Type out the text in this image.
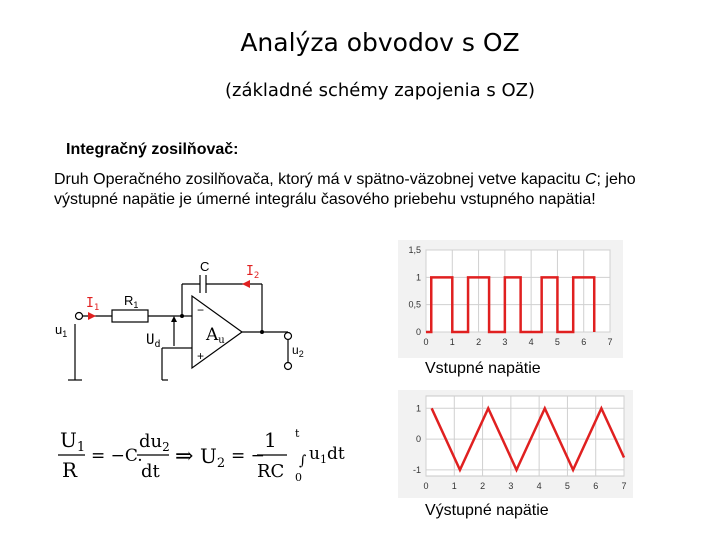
Analýza obvodov s OZ
(základné schémy zapojenia s OZ)
Integračný zosilňovač:
Druh Operačného zosilňovača, ktorý má v spätno-väzobnej vetve kapacitu C; jeho výstupné napätie je úmerné integrálu časového priebehu vstupného napätia!
C	$I_2$
$I_1$ $R_1$
$u_1$	$U_d$
−
+
Au
$u_2$
$U_1$
R
= −C.
$du_2$
dt
⇒ $U_2$ = −
1
RC
t
0
∫ $u_1dt$
0 1 2 3 4 5 6 7
0
0,5
1
1,5
Vstupné napätie
0	1	2	3	4	5	6	7
-1
0
1
Výstupné napätie
